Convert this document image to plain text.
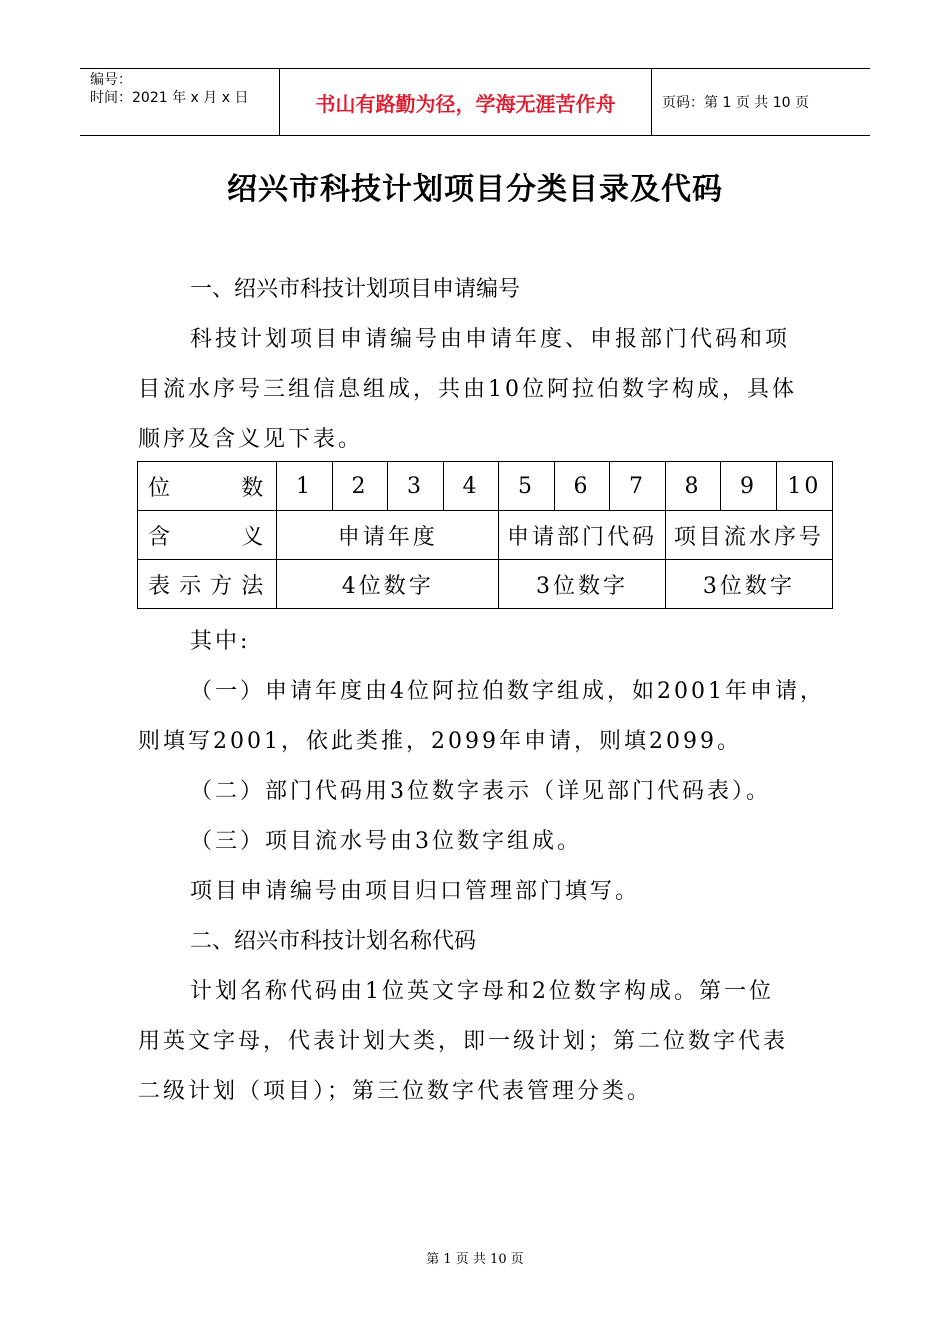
编号：
时间：2021 年 x 月 x 日	书山有路勤为径，学海无涯苦作舟	页码：第 1 页 共 10 页
绍兴市科技计划项目分类目录及代码
一、绍兴市科技计划项目申请编号
科技计划项目申请编号由申请年度、申报部门代码和项
目流水序号三组信息组成，共由10位阿拉伯数字构成，具体
顺序及含义见下表。
位数	1	2	3	4	5	6	7	8	9	10
含义	申请年度				申请部门代码			项目流水序号		
表示方法	4位数字				3位数字			3位数字		
其中:
（一）申请年度由4位阿拉伯数字组成，如2001年申请，
则填写2001，依此类推，2099年申请，则填2099。
（二）部门代码用3位数字表示（详见部门代码表）。
（三）项目流水号由3位数字组成。
项目申请编号由项目归口管理部门填写。
二、绍兴市科技计划名称代码
计划名称代码由1位英文字母和2位数字构成。第一位
用英文字母，代表计划大类，即一级计划；第二位数字代表
二级计划（项目）；第三位数字代表管理分类。
第 1 页 共 10 页
